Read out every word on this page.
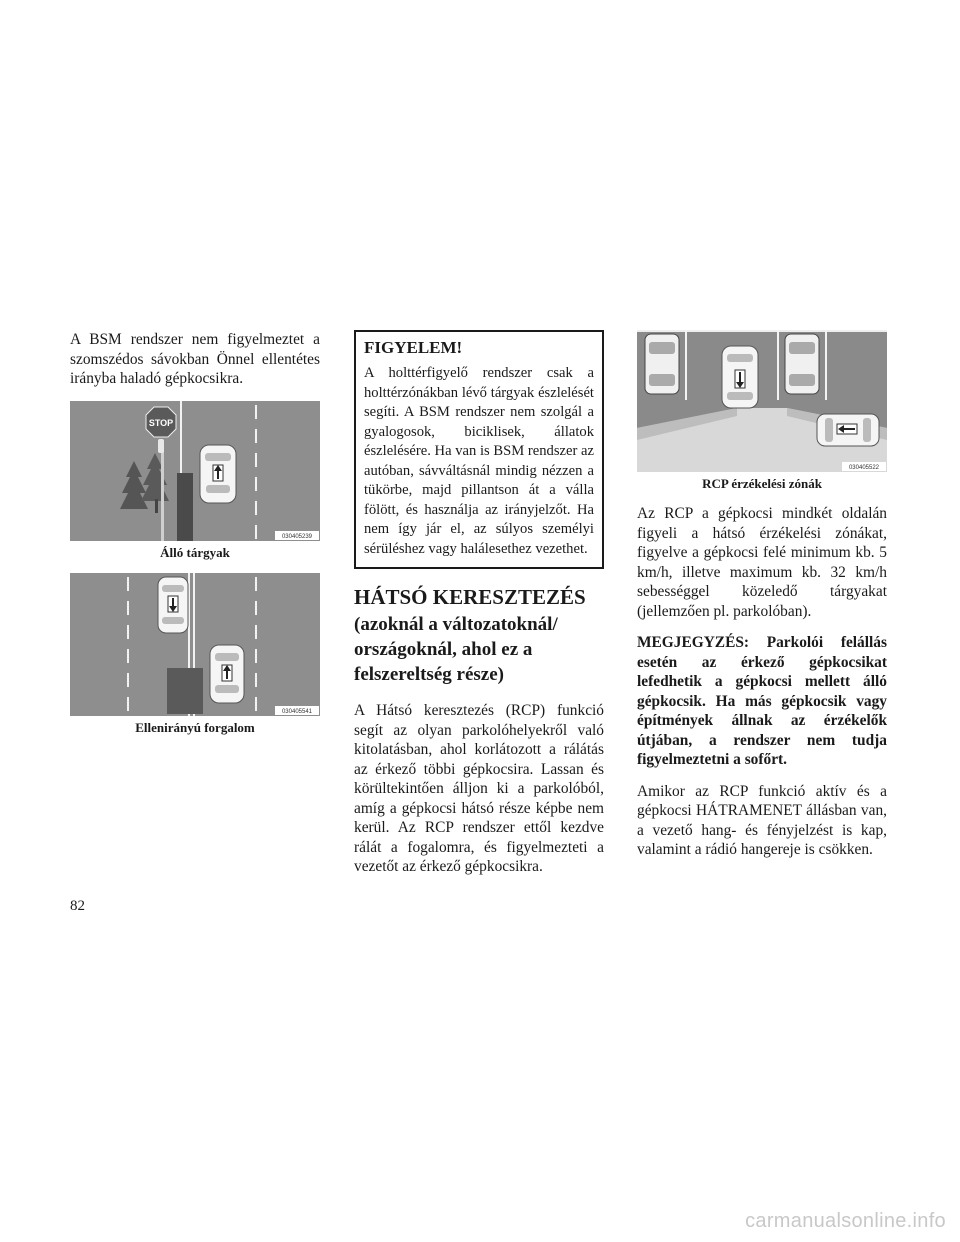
A BSM rendszer nem figyelmeztet a szomszédos sávokban Önnel ellentétes irányba haladó gépkocsikra.

STOP
030405239
Álló tárgyak
030405541
Ellenirányú forgalom
FIGYELEM!

A holttérfigyelő rendszer csak a holttérzónákban lévő tárgyak észlelését segíti. A BSM rendszer nem szolgál a gyalogosok, biciklisek, állatok észlelésére. Ha van is BSM rendszer az autóban, sávváltásnál mindig nézzen a tükörbe, majd pillantson át a válla fölött, és használja az irányjelzőt. Ha nem így jár el, az súlyos személyi sérüléshez vagy halálesethez vezethet.

HÁTSÓ KERESZTEZÉS
(azoknál a változatoknál/ országoknál, ahol ez a felszereltség része)

A Hátsó keresztezés (RCP) funkció segít az olyan parkolóhelyekről való kitolatásban, ahol korlátozott a rálátás az érkező többi gépkocsira. Lassan és körültekintően álljon ki a parkolóból, amíg a gépkocsi hátsó része képbe nem kerül. Az RCP rendszer ettől kezdve rálát a fogalomra, és figyelmezteti a vezetőt az érkező gépkocsikra.

030405522
RCP érzékelési zónák

Az RCP a gépkocsi mindkét oldalán figyeli a hátsó érzékelési zónákat, figyelve a gépkocsi felé minimum kb. 5 km/h, illetve maximum kb. 32 km/h sebességgel közeledő tárgyakat (jellemzően pl. parkolóban).

MEGJEGYZÉS: Parkolói felállás esetén az érkező gépkocsikat lefedhetik a gépkocsi mellett álló gépkocsik. Ha más gépkocsik vagy építmények állnak az érzékelők útjában, a rendszer nem tudja figyelmeztetni a sofőrt.

Amikor az RCP funkció aktív és a gépkocsi HÁTRAMENET állásban van, a vezető hang- és fényjelzést is kap, valamint a rádió hangereje is csökken.

82
carmanualsonline.info
